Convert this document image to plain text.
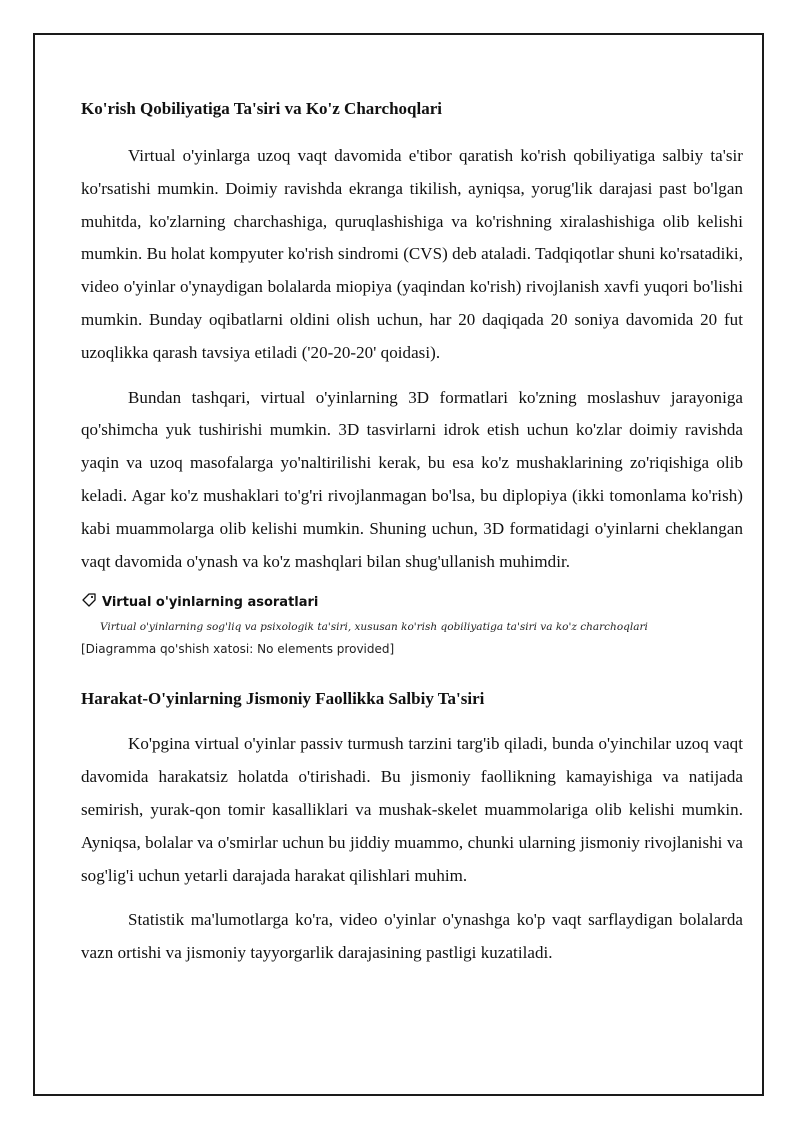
Ko'rish Qobiliyatiga Ta'siri va Ko'z Charchoqlari

Virtual o'yinlarga uzoq vaqt davomida e'tibor qaratish ko'rish qobiliyatiga salbiy ta'sir ko'rsatishi mumkin. Doimiy ravishda ekranga tikilish, ayniqsa, yorug'lik darajasi past bo'lgan muhitda, ko'zlarning charchashiga, quruqlashishiga va ko'rishning xiralashishiga olib kelishi mumkin. Bu holat kompyuter ko'rish sindromi (CVS) deb ataladi. Tadqiqotlar shuni ko'rsatadiki, video o'yinlar o'ynaydigan bolalarda miopiya (yaqindan ko'rish) rivojlanish xavfi yuqori bo'lishi mumkin. Bunday oqibatlarni oldini olish uchun, har 20 daqiqada 20 soniya davomida 20 fut uzoqlikka qarash tavsiya etiladi ('20-20-20' qoidasi).

Bundan tashqari, virtual o'yinlarning 3D formatlari ko'zning moslashuv jarayoniga qo'shimcha yuk tushirishi mumkin. 3D tasvirlarni idrok etish uchun ko'zlar doimiy ravishda yaqin va uzoq masofalarga yo'naltirilishi kerak, bu esa ko'z mushaklarining zo'riqishiga olib keladi. Agar ko'z mushaklari to'g'ri rivojlanmagan bo'lsa, bu diplopiya (ikki tomonlama ko'rish) kabi muammolarga olib kelishi mumkin. Shuning uchun, 3D formatidagi o'yinlarni cheklangan vaqt davomida o'ynash va ko'z mashqlari bilan shug'ullanish muhimdir.

Virtual o'yinlarning asoratlari
Virtual o'yinlarning sog'liq va psixologik ta'siri, xususan ko'rish qobiliyatiga ta'siri va ko'z charchoqlari
[Diagramma qo'shish xatosi: No elements provided]
Harakat-O'yinlarning Jismoniy Faollikka Salbiy Ta'siri

Ko'pgina virtual o'yinlar passiv turmush tarzini targ'ib qiladi, bunda o'yinchilar uzoq vaqt davomida harakatsiz holatda o'tirishadi. Bu jismoniy faollikning kamayishiga va natijada semirish, yurak-qon tomir kasalliklari va mushak-skelet muammolariga olib kelishi mumkin. Ayniqsa, bolalar va o'smirlar uchun bu jiddiy muammo, chunki ularning jismoniy rivojlanishi va sog'lig'i uchun yetarli darajada harakat qilishlari muhim.

Statistik ma'lumotlarga ko'ra, video o'yinlar o'ynashga ko'p vaqt sarflaydigan bolalarda vazn ortishi va jismoniy tayyorgarlik darajasining pastligi kuzatiladi.
